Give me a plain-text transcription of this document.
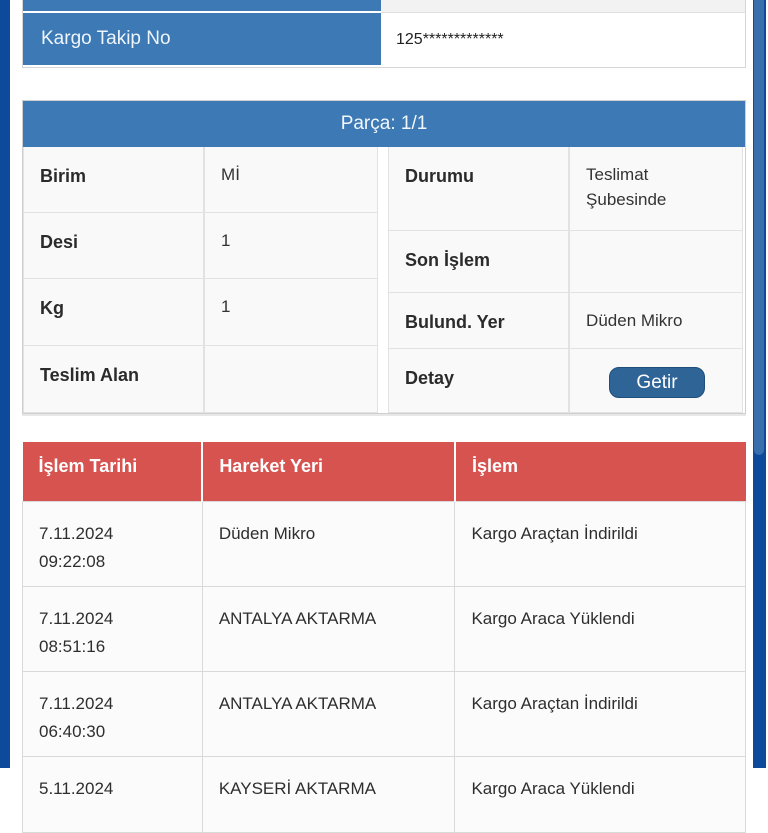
Kargo Takip No	125*************
Parça: 1/1
Birim	Mİ
Desi	1
Kg	1
Teslim Alan
Durumu	Teslimat Şubesinde
Son İşlem
Bulund. Yer	Düden Mikro
Detay	Getir
İşlem Tarihi	Hareket Yeri	İşlem

7.11.2024
09:22:08	Düden Mikro	Kargo Araçtan İndirildi

7.11.2024
08:51:16	ANTALYA AKTARMA	Kargo Araca Yüklendi

7.11.2024
06:40:30	ANTALYA AKTARMA	Kargo Araçtan İndirildi

5.11.2024	KAYSERİ AKTARMA	Kargo Araca Yüklendi
